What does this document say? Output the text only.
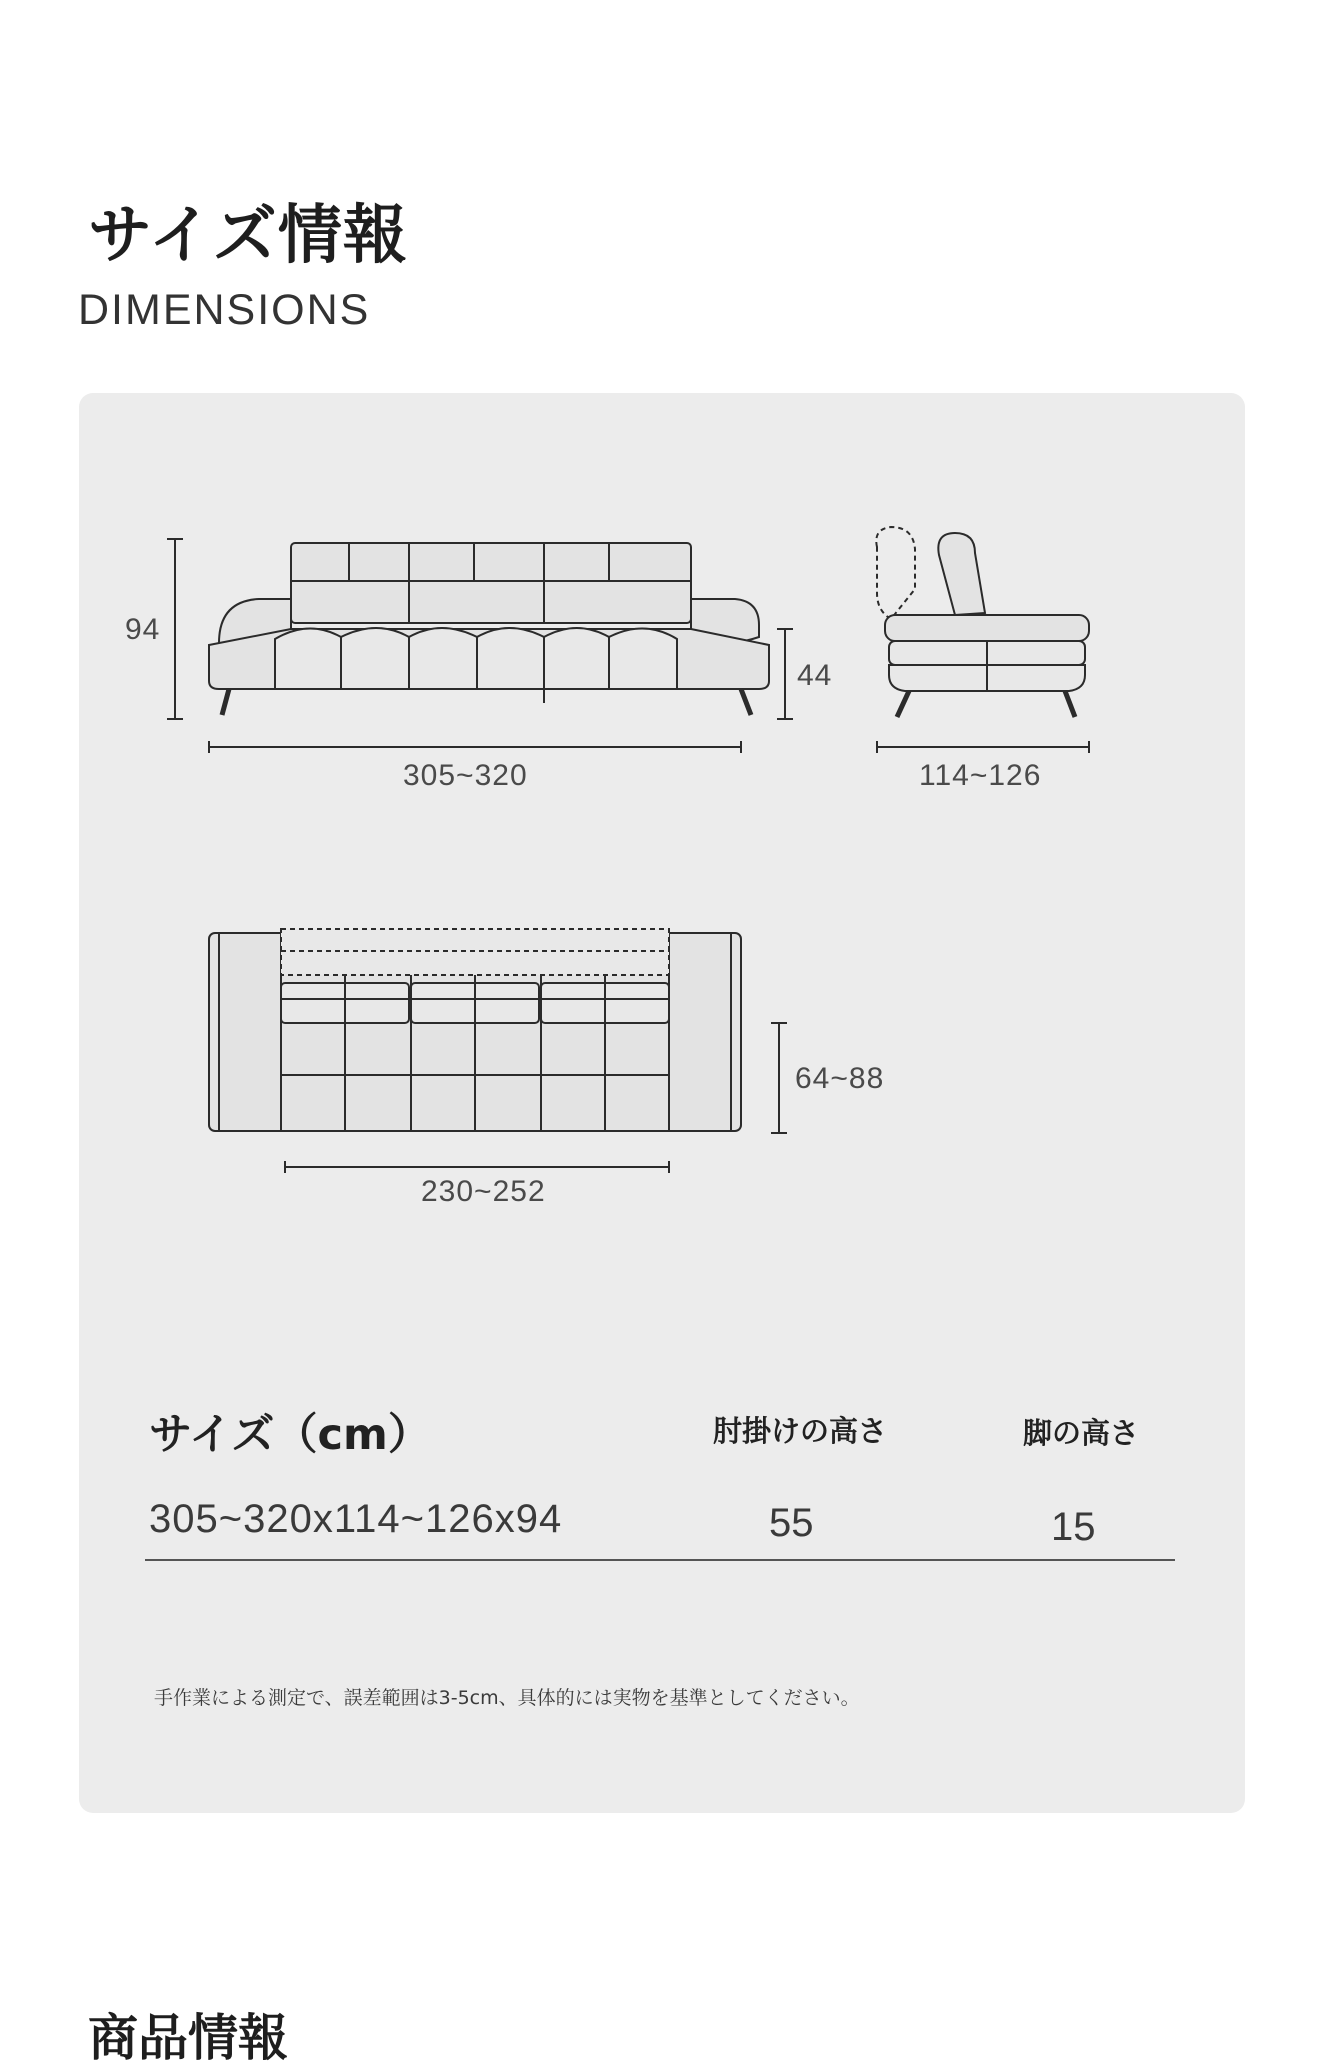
サイズ情報
DIMENSIONS
94
44
305~320	114~126
64~88
230~252
サイズ（cm）	肘掛けの高さ	脚の高さ
305~320x114~126x94	55	15
手作業による測定で、誤差範囲は3-5cm、具体的には実物を基準としてください。
商品情報
